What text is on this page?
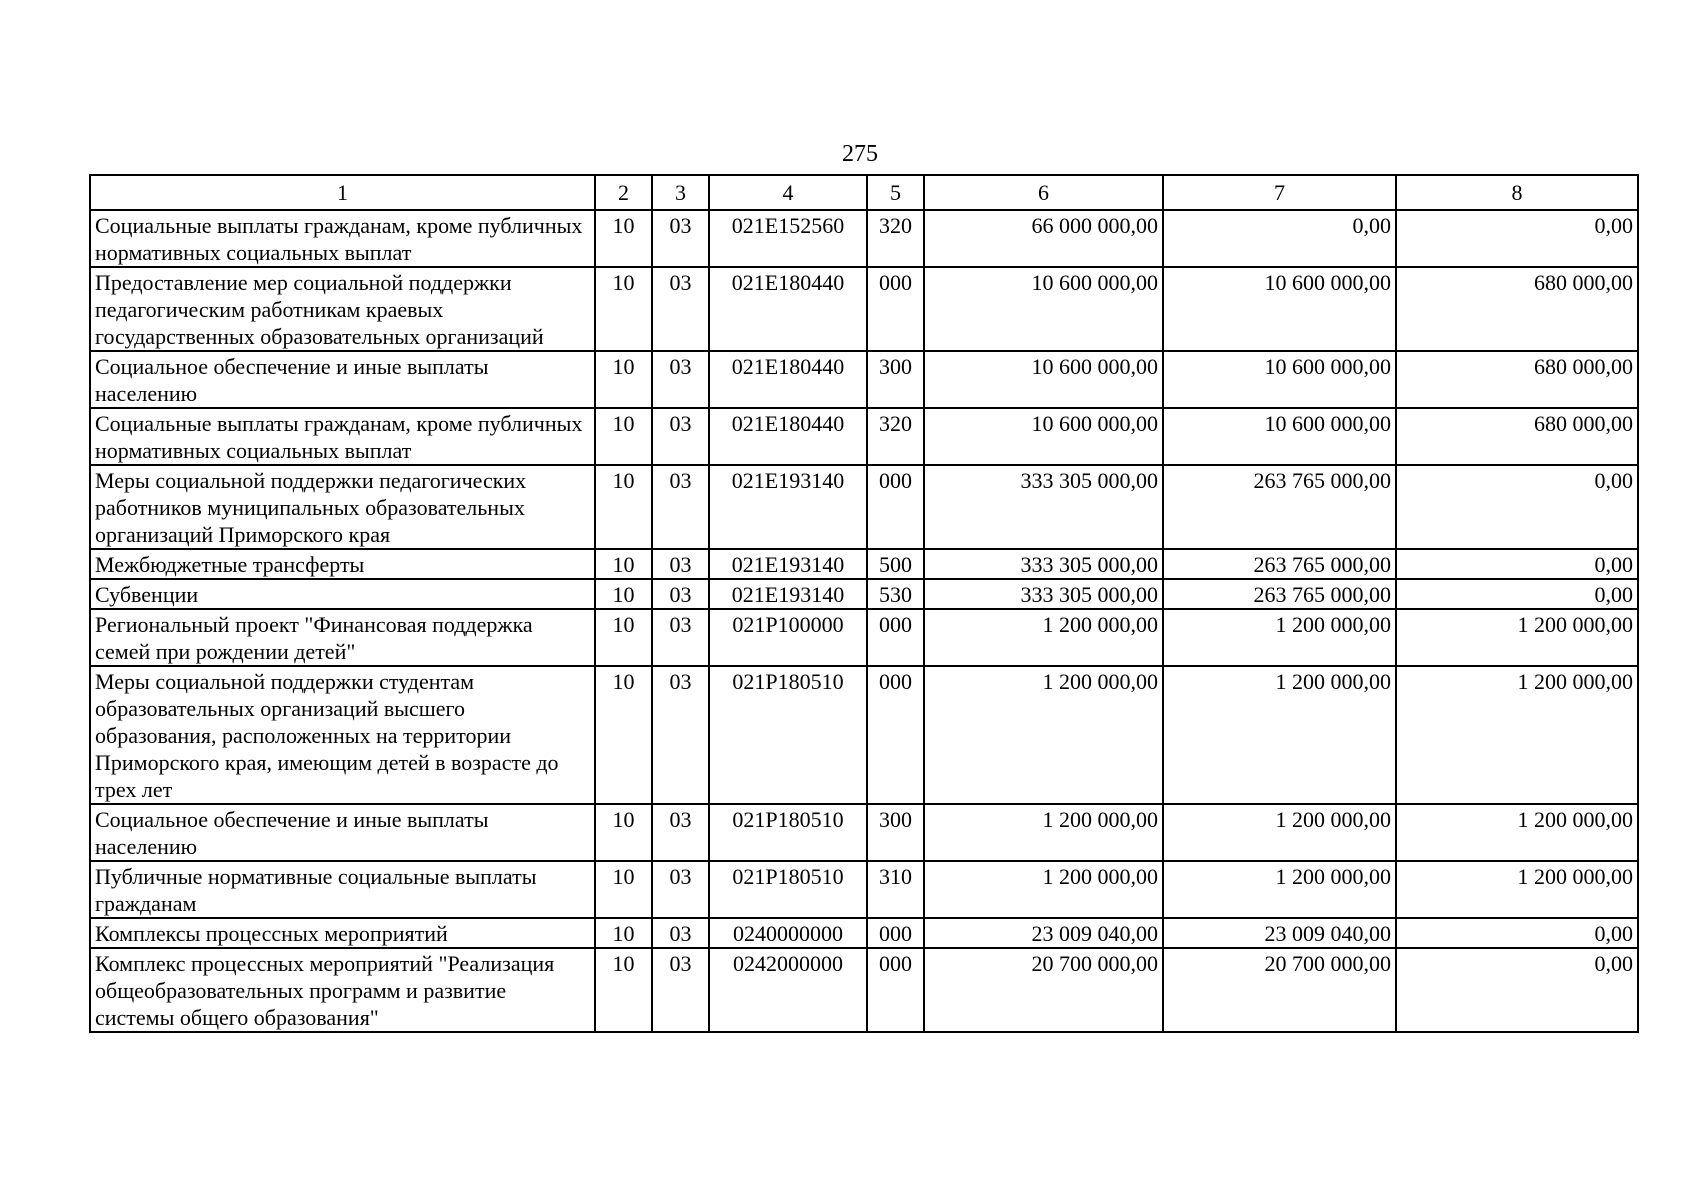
275
1	2	3	4	5	6	7	8
Социальные выплаты гражданам, кроме публичных нормативных социальных выплат	10	03	021E152560	320	66 000 000,00	0,00	0,00
Предоставление мер социальной поддержки педагогическим работникам краевых государственных образовательных организаций	10	03	021E180440	000	10 600 000,00	10 600 000,00	680 000,00
Социальное обеспечение и иные выплаты населению	10	03	021E180440	300	10 600 000,00	10 600 000,00	680 000,00
Социальные выплаты гражданам, кроме публичных нормативных социальных выплат	10	03	021E180440	320	10 600 000,00	10 600 000,00	680 000,00
Меры социальной поддержки педагогических работников муниципальных образовательных организаций Приморского края	10	03	021E193140	000	333 305 000,00	263 765 000,00	0,00
Межбюджетные трансферты	10	03	021E193140	500	333 305 000,00	263 765 000,00	0,00
Субвенции	10	03	021E193140	530	333 305 000,00	263 765 000,00	0,00
Региональный проект "Финансовая поддержка семей при рождении детей"	10	03	021P100000	000	1 200 000,00	1 200 000,00	1 200 000,00
Меры социальной поддержки студентам образовательных организаций высшего образования, расположенных на территории Приморского края, имеющим детей в возрасте до трех лет	10	03	021P180510	000	1 200 000,00	1 200 000,00	1 200 000,00
Социальное обеспечение и иные выплаты населению	10	03	021P180510	300	1 200 000,00	1 200 000,00	1 200 000,00
Публичные нормативные социальные выплаты гражданам	10	03	021P180510	310	1 200 000,00	1 200 000,00	1 200 000,00
Комплексы процессных мероприятий	10	03	0240000000	000	23 009 040,00	23 009 040,00	0,00
Комплекс процессных мероприятий "Реализация общеобразовательных программ и развитие системы общего образования"	10	03	0242000000	000	20 700 000,00	20 700 000,00	0,00
